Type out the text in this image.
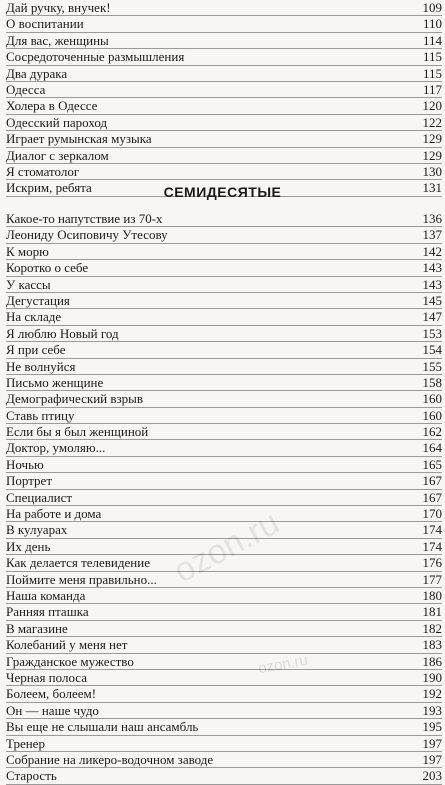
Дай ручку, внучек!	109
О воспитании	110
Для вас, женщины	114
Сосредоточенные размышления	115
Два дурака	115
Одесса	117
Холера в Одессе	120
Одесский пароход	122
Играет румынская музыка	129
Диалог с зеркалом	129
Я стоматолог	130
Искрим, ребята	131
СЕМИДЕСЯТЫЕ
Какое-то напутствие из 70-х	136
Леониду Осиповичу Утесову	137
К морю	142
Коротко о себе	143
У кассы	143
Дегустация	145
На складе	147
Я люблю Новый год	153
Я при себе	154
Не волнуйся	155
Письмо женщине	158
Демографический взрыв	160
Ставь птицу	160
Если бы я был женщиной	162
Доктор, умоляю...	164
Ночью	165
Портрет	167
Специалист	167
На работе и дома	170
В кулуарах	174
Их день	174
Как делается телевидение	176
Поймите меня правильно...	177
Наша команда	180
Ранняя пташка	181
В магазине	182
Колебаний у меня нет	183
Гражданское мужество	186
Черная полоса	190
Болеем, болеем!	192
Он — наше чудо	193
Вы еще не слышали наш ансамбль	195
Тренер	197
Собрание на ликеро-водочном заводе	197
Старость	203
ozon.ru
ozon.ru
